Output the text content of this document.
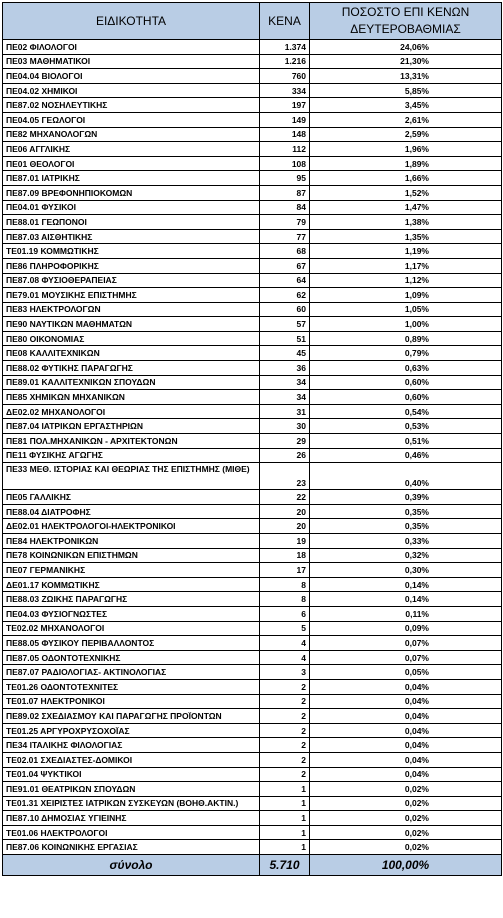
ΕΙΔΙΚΟΤΗΤΑ	ΚΕΝΑ	ΠΟΣΟΣΤΟ ΕΠΙ ΚΕΝΩΝ
ΔΕΥΤΕΡΟΒΑΘΜΙΑΣ
ΠΕ02 ΦΙΛΟΛΟΓΟΙ	1.374	24,06%
ΠΕ03 ΜΑΘΗΜΑΤΙΚΟΙ	1.216	21,30%
ΠΕ04.04 ΒΙΟΛΟΓΟΙ	760	13,31%
ΠΕ04.02 ΧΗΜΙΚΟΙ	334	5,85%
ΠΕ87.02 ΝΟΣΗΛΕΥΤΙΚΗΣ	197	3,45%
ΠΕ04.05 ΓΕΩΛΟΓΟΙ	149	2,61%
ΠΕ82 ΜΗΧΑΝΟΛΟΓΩΝ	148	2,59%
ΠΕ06 ΑΓΓΛΙΚΗΣ	112	1,96%
ΠΕ01 ΘΕΟΛΟΓΟΙ	108	1,89%
ΠΕ87.01 ΙΑΤΡΙΚΗΣ	95	1,66%
ΠΕ87.09 ΒΡΕΦΟΝΗΠΙΟΚΟΜΩΝ	87	1,52%
ΠΕ04.01 ΦΥΣΙΚΟΙ	84	1,47%
ΠΕ88.01 ΓΕΩΠΟΝΟΙ	79	1,38%
ΠΕ87.03 ΑΙΣΘΗΤΙΚΗΣ	77	1,35%
ΤΕ01.19 ΚΟΜΜΩΤΙΚΗΣ	68	1,19%
ΠΕ86 ΠΛΗΡΟΦΟΡΙΚΗΣ	67	1,17%
ΠΕ87.08 ΦΥΣΙΟΘΕΡΑΠΕΙΑΣ	64	1,12%
ΠΕ79.01 ΜΟΥΣΙΚΗΣ ΕΠΙΣΤΗΜΗΣ	62	1,09%
ΠΕ83 ΗΛΕΚΤΡΟΛΟΓΩΝ	60	1,05%
ΠΕ90 ΝΑΥΤΙΚΩΝ ΜΑΘΗΜΑΤΩΝ	57	1,00%
ΠΕ80 ΟΙΚΟΝΟΜΙΑΣ	51	0,89%
ΠΕ08 ΚΑΛΛΙΤΕΧΝΙΚΩΝ	45	0,79%
ΠΕ88.02 ΦΥΤΙΚΗΣ ΠΑΡΑΓΩΓΗΣ	36	0,63%
ΠΕ89.01 ΚΑΛΛΙΤΕΧΝΙΚΩΝ ΣΠΟΥΔΩΝ	34	0,60%
ΠΕ85 ΧΗΜΙΚΩΝ ΜΗΧΑΝΙΚΩΝ	34	0,60%
ΔΕ02.02 ΜΗΧΑΝΟΛΟΓΟΙ	31	0,54%
ΠΕ87.04 ΙΑΤΡΙΚΩΝ ΕΡΓΑΣΤΗΡΙΩΝ	30	0,53%
ΠΕ81 ΠΟΛ.ΜΗΧΑΝΙΚΩΝ - ΑΡΧΙΤΕΚΤΟΝΩΝ	29	0,51%
ΠΕ11 ΦΥΣΙΚΗΣ ΑΓΩΓΗΣ	26	0,46%
ΠΕ33 ΜΕΘ. ΙΣΤΟΡΙΑΣ ΚΑΙ ΘΕΩΡΙΑΣ ΤΗΣ ΕΠΙΣΤΗΜΗΣ (ΜΙΘΕ)	23	0,40%
ΠΕ05 ΓΑΛΛΙΚΗΣ	22	0,39%
ΠΕ88.04 ΔΙΑΤΡΟΦΗΣ	20	0,35%
ΔΕ02.01 ΗΛΕΚΤΡΟΛΟΓΟΙ-ΗΛΕΚΤΡΟΝΙΚΟΙ	20	0,35%
ΠΕ84 ΗΛΕΚΤΡΟΝΙΚΩΝ	19	0,33%
ΠΕ78 ΚΟΙΝΩΝΙΚΩΝ ΕΠΙΣΤΗΜΩΝ	18	0,32%
ΠΕ07 ΓΕΡΜΑΝΙΚΗΣ	17	0,30%
ΔΕ01.17 ΚΟΜΜΩΤΙΚΗΣ	8	0,14%
ΠΕ88.03 ΖΩΙΚΗΣ ΠΑΡΑΓΩΓΗΣ	8	0,14%
ΠΕ04.03 ΦΥΣΙΟΓΝΩΣΤΕΣ	6	0,11%
ΤΕ02.02 ΜΗΧΑΝΟΛΟΓΟΙ	5	0,09%
ΠΕ88.05 ΦΥΣΙΚΟΥ ΠΕΡΙΒΑΛΛΟΝΤΟΣ	4	0,07%
ΠΕ87.05 ΟΔΟΝΤΟΤΕΧΝΙΚΗΣ	4	0,07%
ΠΕ87.07 ΡΑΔΙΟΛΟΓΙΑΣ- ΑΚΤΙΝΟΛΟΓΙΑΣ	3	0,05%
ΤΕ01.26 ΟΔΟΝΤΟΤΕΧΝΙΤΕΣ	2	0,04%
ΤΕ01.07 ΗΛΕΚΤΡΟΝΙΚΟΙ	2	0,04%
ΠΕ89.02 ΣΧΕΔΙΑΣΜΟΥ ΚΑΙ ΠΑΡΑΓΩΓΗΣ ΠΡΟΪΟΝΤΩΝ	2	0,04%
ΤΕ01.25 ΑΡΓΥΡΟΧΡΥΣΟΧΟΪΑΣ	2	0,04%
ΠΕ34 ΙΤΑΛΙΚΗΣ ΦΙΛΟΛΟΓΙΑΣ	2	0,04%
ΤΕ02.01 ΣΧΕΔΙΑΣΤΕΣ-ΔΟΜΙΚΟΙ	2	0,04%
ΤΕ01.04 ΨΥΚΤΙΚΟΙ	2	0,04%
ΠΕ91.01 ΘΕΑΤΡΙΚΩΝ ΣΠΟΥΔΩΝ	1	0,02%
ΤΕ01.31 ΧΕΙΡΙΣΤΕΣ ΙΑΤΡΙΚΩΝ ΣΥΣΚΕΥΩΝ (ΒΟΗΘ.ΑΚΤΙΝ.)	1	0,02%
ΠΕ87.10 ΔΗΜΟΣΙΑΣ ΥΓΙΕΙΝΗΣ	1	0,02%
ΤΕ01.06 ΗΛΕΚΤΡΟΛΟΓΟΙ	1	0,02%
ΠΕ87.06 ΚΟΙΝΩΝΙΚΗΣ ΕΡΓΑΣΙΑΣ	1	0,02%
σύνολο	5.710	100,00%
